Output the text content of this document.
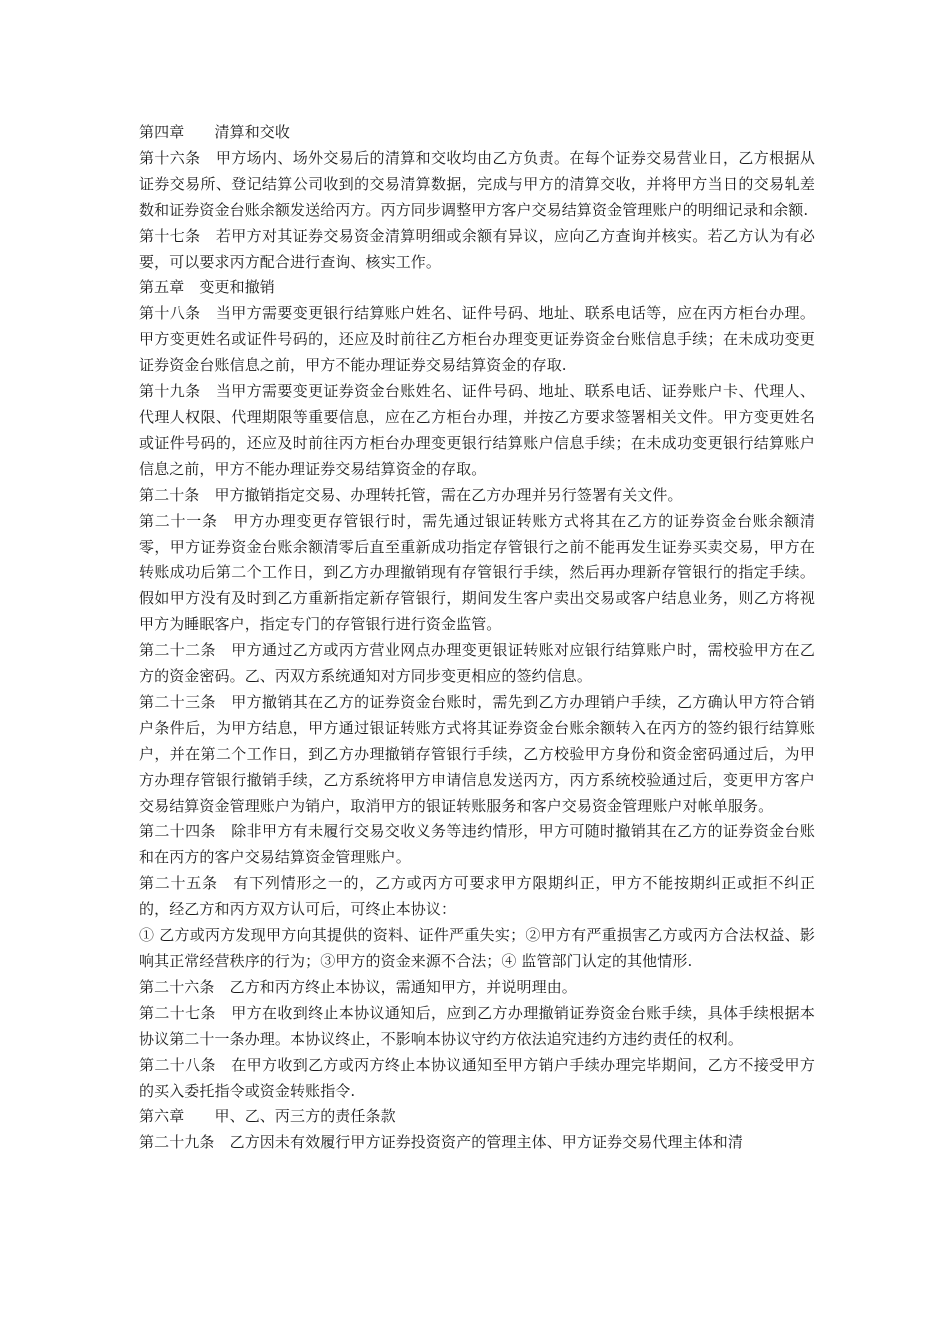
第四章　　清算和交收

第十六条　甲方场内、场外交易后的清算和交收均由乙方负责。在每个证券交易营业日，乙方根据从证券交易所、登记结算公司收到的交易清算数据，完成与甲方的清算交收，并将甲方当日的交易轧差数和证券资金台账余额发送给丙方。丙方同步调整甲方客户交易结算资金管理账户的明细记录和余额.

第十七条　若甲方对其证券交易资金清算明细或余额有异议，应向乙方查询并核实。若乙方认为有必要，可以要求丙方配合进行查询、核实工作。

第五章　变更和撤销

第十八条　当甲方需要变更银行结算账户姓名、证件号码、地址、联系电话等，应在丙方柜台办理。甲方变更姓名或证件号码的，还应及时前往乙方柜台办理变更证券资金台账信息手续；在未成功变更证券资金台账信息之前，甲方不能办理证券交易结算资金的存取.

第十九条　当甲方需要变更证券资金台账姓名、证件号码、地址、联系电话、证券账户卡、代理人、代理人权限、代理期限等重要信息，应在乙方柜台办理，并按乙方要求签署相关文件。甲方变更姓名或证件号码的，还应及时前往丙方柜台办理变更银行结算账户信息手续；在未成功变更银行结算账户信息之前，甲方不能办理证券交易结算资金的存取。

第二十条　甲方撤销指定交易、办理转托管，需在乙方办理并另行签署有关文件。

第二十一条　甲方办理变更存管银行时，需先通过银证转账方式将其在乙方的证券资金台账余额清零，甲方证券资金台账余额清零后直至重新成功指定存管银行之前不能再发生证券买卖交易，甲方在转账成功后第二个工作日，到乙方办理撤销现有存管银行手续，然后再办理新存管银行的指定手续。假如甲方没有及时到乙方重新指定新存管银行，期间发生客户卖出交易或客户结息业务，则乙方将视甲方为睡眠客户，指定专门的存管银行进行资金监管。

第二十二条　甲方通过乙方或丙方营业网点办理变更银证转账对应银行结算账户时，需校验甲方在乙方的资金密码。乙、丙双方系统通知对方同步变更相应的签约信息。

第二十三条　甲方撤销其在乙方的证券资金台账时，需先到乙方办理销户手续，乙方确认甲方符合销户条件后，为甲方结息，甲方通过银证转账方式将其证券资金台账余额转入在丙方的签约银行结算账户，并在第二个工作日，到乙方办理撤销存管银行手续，乙方校验甲方身份和资金密码通过后，为甲方办理存管银行撤销手续，乙方系统将甲方申请信息发送丙方，丙方系统校验通过后，变更甲方客户交易结算资金管理账户为销户，取消甲方的银证转账服务和客户交易资金管理账户对帐单服务。

第二十四条　除非甲方有未履行交易交收义务等违约情形，甲方可随时撤销其在乙方的证券资金台账和在丙方的客户交易结算资金管理账户。

第二十五条　有下列情形之一的，乙方或丙方可要求甲方限期纠正，甲方不能按期纠正或拒不纠正的，经乙方和丙方双方认可后，可终止本协议：

① 乙方或丙方发现甲方向其提供的资料、证件严重失实；②甲方有严重损害乙方或丙方合法权益、影响其正常经营秩序的行为；③甲方的资金来源不合法；④ 监管部门认定的其他情形.

第二十六条　乙方和丙方终止本协议，需通知甲方，并说明理由。

第二十七条　甲方在收到终止本协议通知后，应到乙方办理撤销证券资金台账手续，具体手续根据本协议第二十一条办理。本协议终止，不影响本协议守约方依法追究违约方违约责任的权利。

第二十八条　在甲方收到乙方或丙方终止本协议通知至甲方销户手续办理完毕期间，乙方不接受甲方的买入委托指令或资金转账指令.

第六章　　甲、乙、丙三方的责任条款

第二十九条　乙方因未有效履行甲方证券投资资产的管理主体、甲方证券交易代理主体和清
